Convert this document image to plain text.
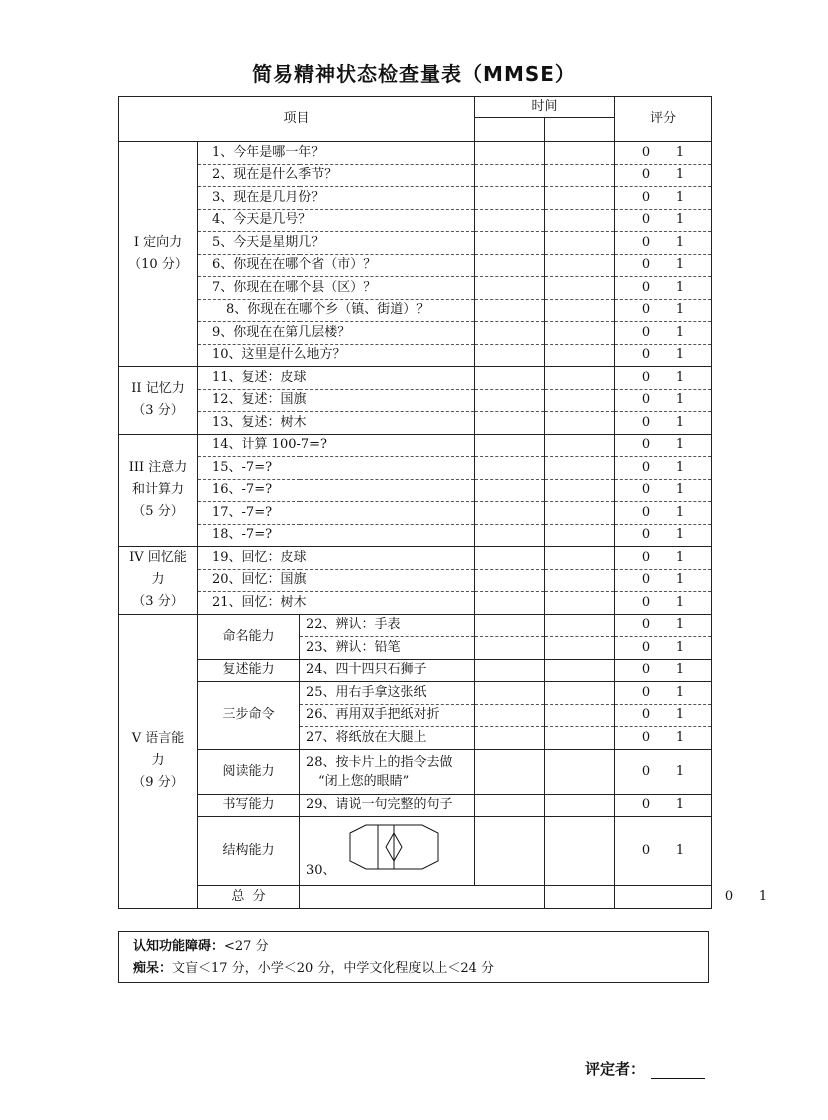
简易精神状态检查量表（MMSE）
项目			时间		评分	

I 定向力
（10 分）	1、今年是哪一年？				0 1	
	2、现在是什么季节？				0 1	
	3、现在是几月份？				0 1	
	4、今天是几号？				0 1	
	5、今天是星期几？				0 1	
	6、你现在在哪个省（市）？				0 1	
	7、你现在在哪个县（区）？				0 1	
	8、你现在在哪个乡（镇、街道）？				0 1	
	9、你现在在第几层楼？				0 1	
	10、这里是什么地方？				0 1	

II 记忆力
（3 分）	11、复述：皮球				0 1	
	12、复述：国旗				0 1	
	13、复述：树木				0 1	

III 注意力
和计算力
（5 分）	14、计算 100-7=?				0 1	
	15、-7=?				0 1	
	16、-7=?				0 1	
	17、-7=?				0 1	
	18、-7=?				0 1	

IV 回忆能
力
（3 分）	19、回忆：皮球				0 1	
	20、回忆：国旗				0 1	
	21、回忆：树木				0 1	

V 语言能
力
（9 分）	命名能力	22、辨认：手表			0 1	
		23、辨认：铅笔			0 1	
	复述能力	24、四十四只石狮子			0 1	
	三步命令	25、用右手拿这张纸			0 1	
		26、再用双手把纸对折			0 1	
		27、将纸放在大腿上			0 1	
	阅读能力	28、按卡片上的指令去做
“闭上您的眼睛”			0 1	
	书写能力	29、请说一句完整的句子			0 1	
	结构能力	30、			0 1	
	总  分					0 1
认知功能障碍：<27 分
痴呆：文盲＜17 分，小学＜20 分，中学文化程度以上＜24 分
评定者：
